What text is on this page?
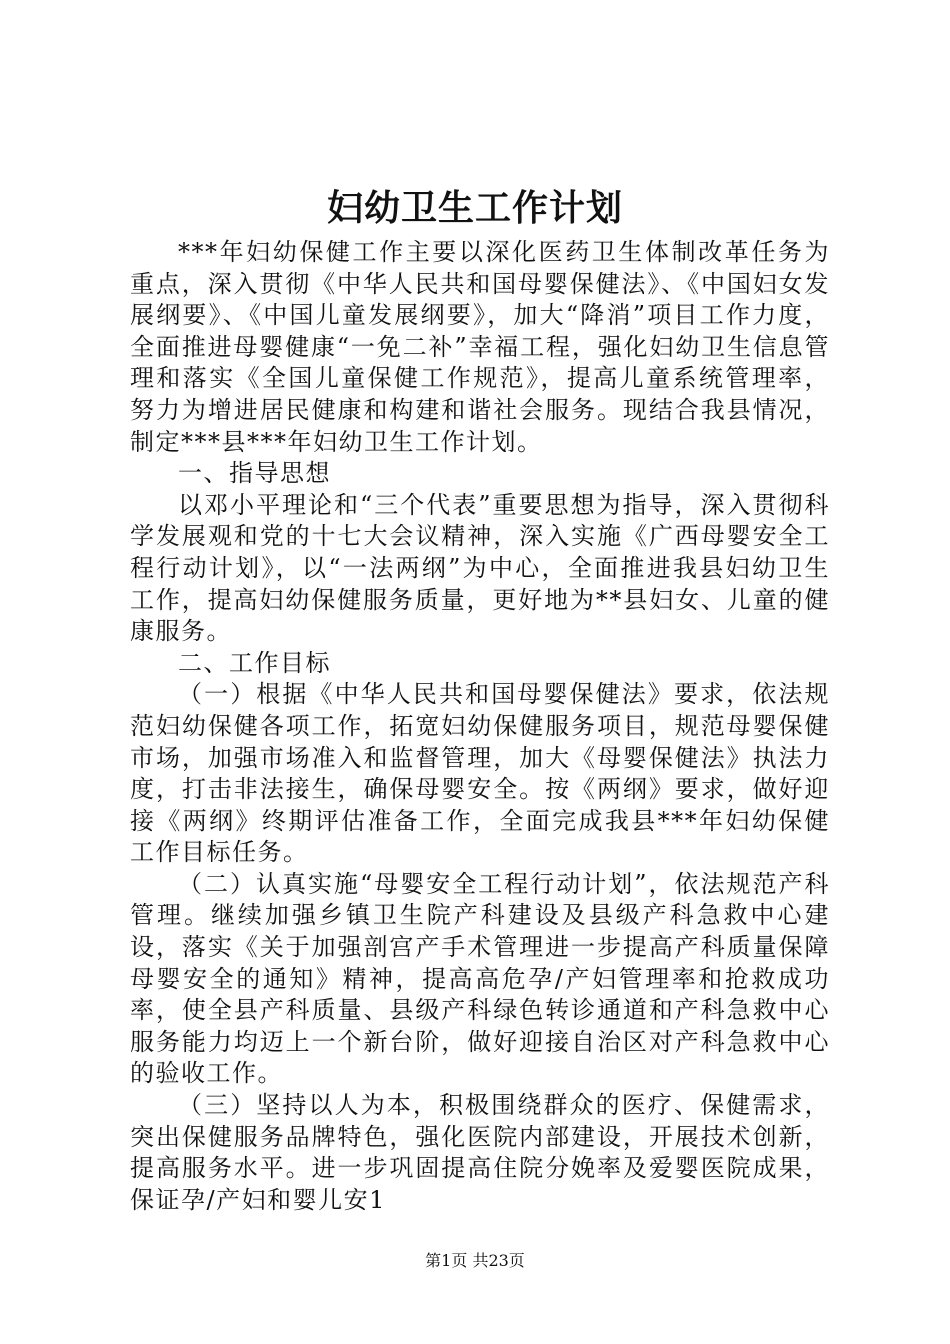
妇幼卫生工作计划

***年妇幼保健工作主要以深化医药卫生体制改革任务为重点，深入贯彻《中华人民共和国母婴保健法》、《中国妇女发展纲要》、《中国儿童发展纲要》，加大“降消”项目工作力度，全面推进母婴健康“一免二补”幸福工程，强化妇幼卫生信息管理和落实《全国儿童保健工作规范》，提高儿童系统管理率，努力为增进居民健康和构建和谐社会服务。现结合我县情况，制定***县***年妇幼卫生工作计划。

一、指导思想

以邓小平理论和“三个代表”重要思想为指导，深入贯彻科学发展观和党的十七大会议精神，深入实施《广西母婴安全工程行动计划》，以“一法两纲”为中心，全面推进我县妇幼卫生工作，提高妇幼保健服务质量，更好地为**县妇女、儿童的健康服务。

二、工作目标

（一）根据《中华人民共和国母婴保健法》要求，依法规范妇幼保健各项工作，拓宽妇幼保健服务项目，规范母婴保健市场，加强市场准入和监督管理，加大《母婴保健法》执法力度，打击非法接生，确保母婴安全。按《两纲》要求，做好迎接《两纲》终期评估准备工作，全面完成我县***年妇幼保健工作目标任务。

（二）认真实施“母婴安全工程行动计划”，依法规范产科管理。继续加强乡镇卫生院产科建设及县级产科急救中心建设，落实《关于加强剖宫产手术管理进一步提高产科质量保障母婴安全的通知》精神，提高高危孕/产妇管理率和抢救成功率，使全县产科质量、县级产科绿色转诊通道和产科急救中心服务能力均迈上一个新台阶，做好迎接自治区对产科急救中心的验收工作。

（三）坚持以人为本，积极围绕群众的医疗、保健需求，突出保健服务品牌特色，强化医院内部建设，开展技术创新，提高服务水平。进一步巩固提高住院分娩率及爱婴医院成果，保证孕/产妇和婴儿安1

第1页 共23页
